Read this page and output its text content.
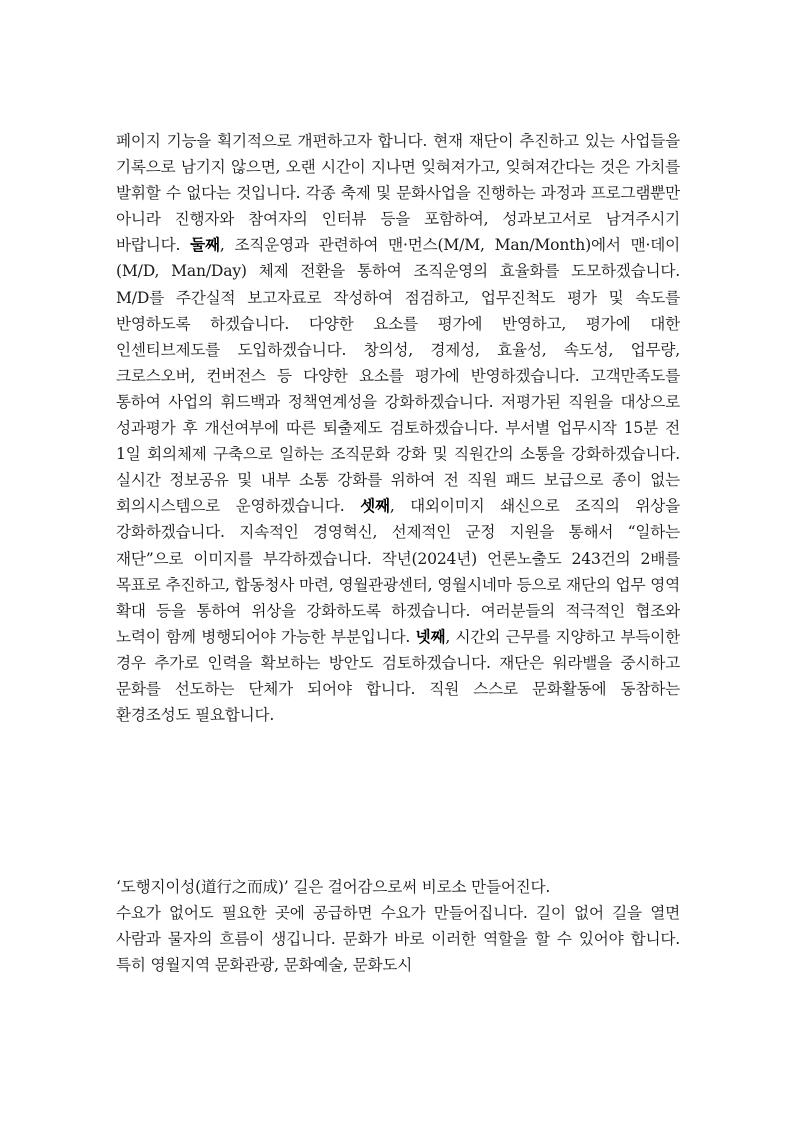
페이지 기능을 획기적으로 개편하고자 합니다. 현재 재단이 추진하고 있는 사업들을 기록으로 남기지 않으면, 오랜 시간이 지나면 잊혀져가고, 잊혀져간다는 것은 가치를 발휘할 수 없다는 것입니다. 각종 축제 및 문화사업을 진행하는 과정과 프로그램뿐만 아니라 진행자와 참여자의 인터뷰 등을 포함하여, 성과보고서로 남겨주시기 바랍니다. 둘째, 조직운영과 관련하여 맨·먼스(M/M, Man/Month)에서 맨·데이(M/D, Man/Day) 체제 전환을 통하여 조직운영의 효율화를 도모하겠습니다. M/D를 주간실적 보고자료로 작성하여 점검하고, 업무진척도 평가 및 속도를 반영하도록 하겠습니다. 다양한 요소를 평가에 반영하고, 평가에 대한 인센티브제도를 도입하겠습니다. 창의성, 경제성, 효율성, 속도성, 업무량, 크로스오버, 컨버전스 등 다양한 요소를 평가에 반영하겠습니다. 고객만족도를 통하여 사업의 휘드백과 정책연계성을 강화하겠습니다. 저평가된 직원을 대상으로 성과평가 후 개선여부에 따른 퇴출제도 검토하겠습니다. 부서별 업무시작 15분 전 1일 회의체제 구축으로 일하는 조직문화 강화 및 직원간의 소통을 강화하겠습니다. 실시간 정보공유 및 내부 소통 강화를 위하여 전 직원 패드 보급으로 종이 없는 회의시스템으로 운영하겠습니다. 셋째, 대외이미지 쇄신으로 조직의 위상을 강화하겠습니다. 지속적인 경영혁신, 선제적인 군정 지원을 통해서 “일하는 재단”으로 이미지를 부각하겠습니다. 작년(2024년) 언론노출도 243건의 2배를 목표로 추진하고, 합동청사 마련, 영월관광센터, 영월시네마 등으로 재단의 업무 영역 확대 등을 통하여 위상을 강화하도록 하겠습니다. 여러분들의 적극적인 협조와 노력이 함께 병행되어야 가능한 부분입니다. 넷째, 시간외 근무를 지양하고 부득이한 경우 추가로 인력을 확보하는 방안도 검토하겠습니다. 재단은 워라밸을 중시하고 문화를 선도하는 단체가 되어야 합니다. 직원 스스로 문화활동에 동참하는 환경조성도 필요합니다.

‘도행지이성(道行之而成)’ 길은 걸어감으로써 비로소 만들어진다.
수요가 없어도 필요한 곳에 공급하면 수요가 만들어집니다. 길이 없어 길을 열면 사람과 물자의 흐름이 생깁니다. 문화가 바로 이러한 역할을 할 수 있어야 합니다. 특히 영월지역 문화관광, 문화예술, 문화도시
